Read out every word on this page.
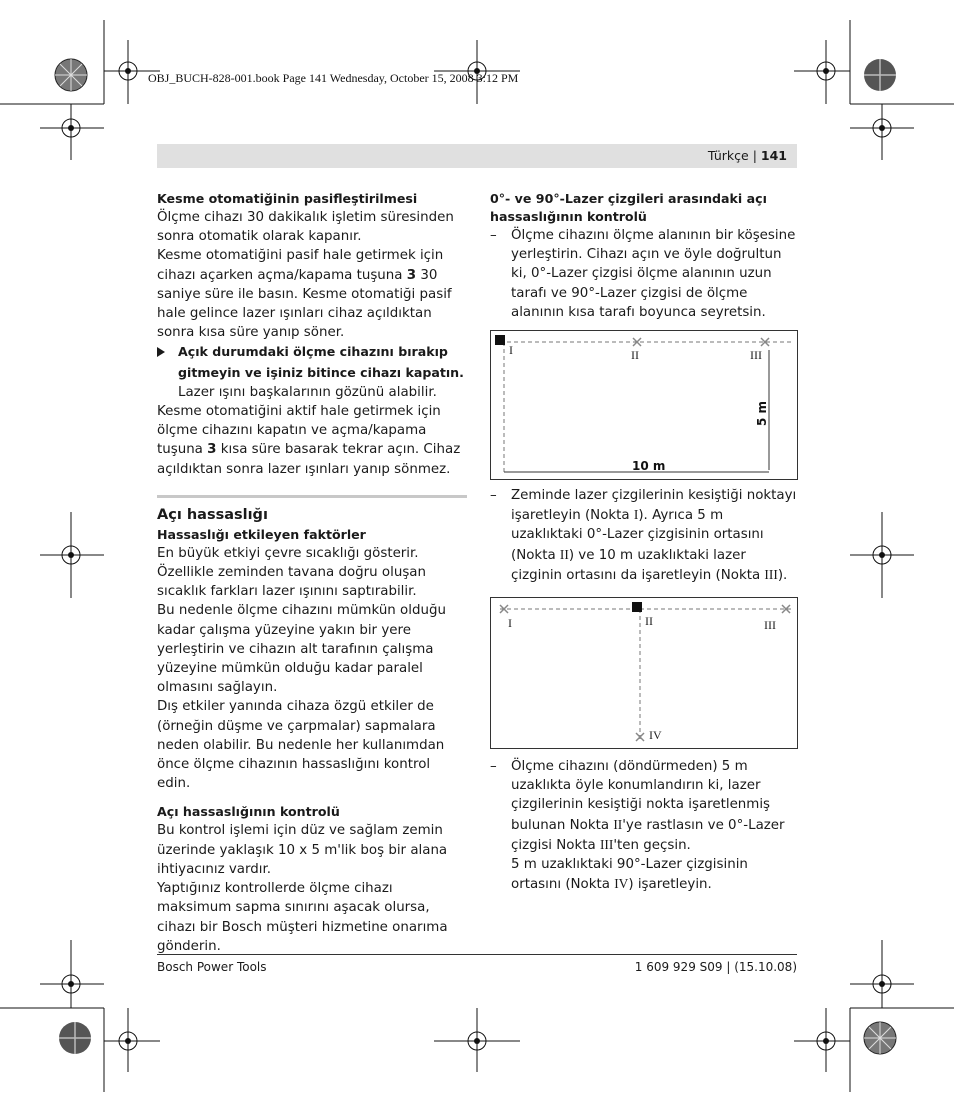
OBJ_BUCH-828-001.book Page 141 Wednesday, October 15, 2008 3:12 PM
Türkçe | 141

Kesme otomatiğinin pasifleştirilmesi

Ölçme cihazı 30 dakikalık işletim süresinden sonra otomatik olarak kapanır.

Kesme otomatiğini pasif hale getirmek için cihazı açarken açma/kapama tuşuna 3 30 saniye süre ile basın. Kesme otomatiği pasif hale gelince lazer ışınları cihaz açıldıktan sonra kısa süre yanıp söner.

Açık durumdaki ölçme cihazını bırakıp gitmeyin ve işiniz bitince cihazı kapatın. Lazer ışını başkalarının gözünü alabilir.

Kesme otomatiğini aktif hale getirmek için ölçme cihazını kapatın ve açma/kapama tuşuna 3 kısa süre basarak tekrar açın. Cihaz açıldıktan sonra lazer ışınları yanıp sönmez.

Açı hassaslığı

Hassaslığı etkileyen faktörler

En büyük etkiyi çevre sıcaklığı gösterir. Özellikle zeminden tavana doğru oluşan sıcaklık farkları lazer ışınını saptırabilir.

Bu nedenle ölçme cihazını mümkün olduğu kadar çalışma yüzeyine yakın bir yere yerleştirin ve cihazın alt tarafının çalışma yüzeyine mümkün olduğu kadar paralel olmasını sağlayın.

Dış etkiler yanında cihaza özgü etkiler de (örneğin düşme ve çarpmalar) sapmalara neden olabilir. Bu nedenle her kullanımdan önce ölçme cihazının hassaslığını kontrol edin.

Açı hassaslığının kontrolü

Bu kontrol işlemi için düz ve sağlam zemin üzerinde yaklaşık 10 x 5 m'lik boş bir alana ihtiyacınız vardır.

Yaptığınız kontrollerde ölçme cihazı maksimum sapma sınırını aşacak olursa, cihazı bir Bosch müşteri hizmetine onarıma gönderin.

0°- ve 90°-Lazer çizgileri arasındaki açı hassaslığının kontrolü

– Ölçme cihazını ölçme alanının bir köşesine yerleştirin. Cihazı açın ve öyle doğrultun ki, 0°-Lazer çizgisi ölçme alanının uzun tarafı ve 90°-Lazer çizgisi de ölçme alanının kısa tarafı boyunca seyretsin.
I	II	III
10 m
5 m
– Zeminde lazer çizgilerinin kesiştiği noktayı işaretleyin (Nokta I). Ayrıca 5 m uzaklıktaki 0°-Lazer çizgisinin ortasını (Nokta II) ve 10 m uzaklıktaki lazer çizginin ortasını da işaretleyin (Nokta III).
I	II	III
IV
– Ölçme cihazını (döndürmeden) 5 m uzaklıkta öyle konumlandırın ki, lazer çizgilerinin kesiştiği nokta işaretlenmiş bulunan Nokta II'ye rastlasın ve 0°-Lazer çizgisi Nokta III'ten geçsin.
5 m uzaklıktaki 90°-Lazer çizgisinin ortasını (Nokta IV) işaretleyin.
Bosch Power Tools	1 609 929 S09 | (15.10.08)
